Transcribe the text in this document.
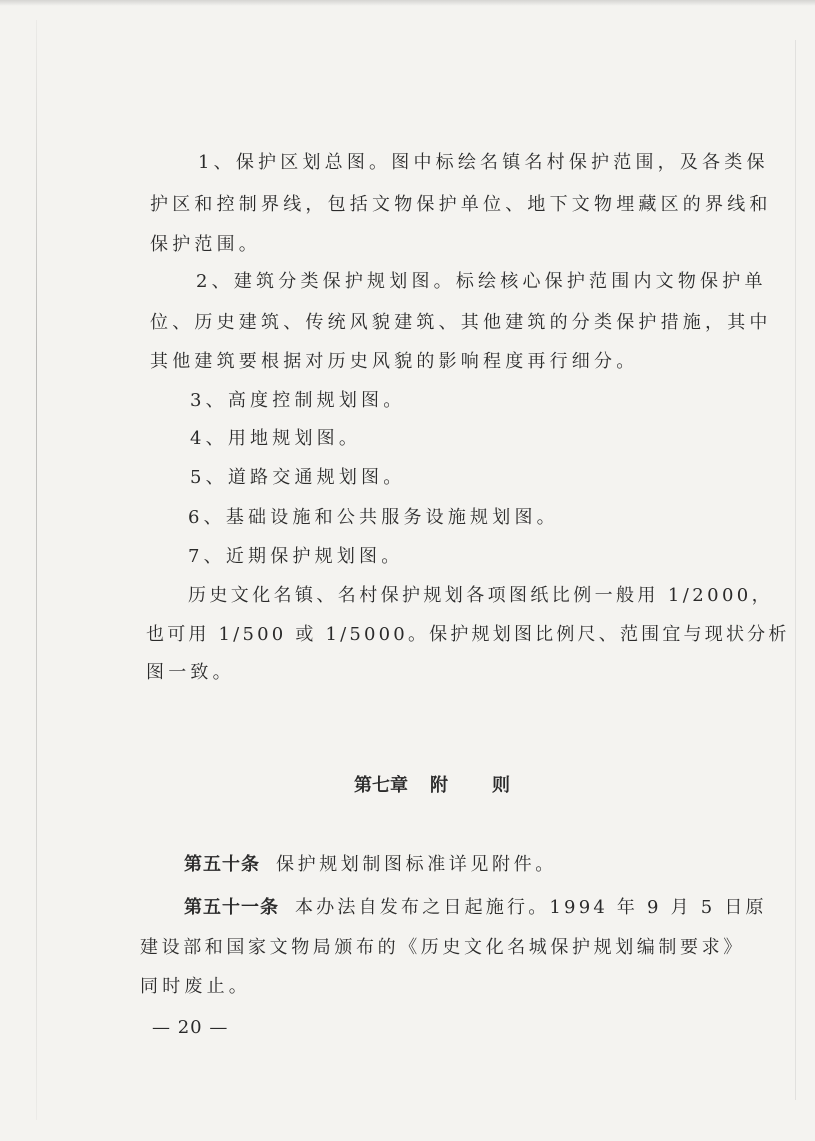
1、保护区划总图。图中标绘名镇名村保护范围，及各类保
护区和控制界线，包括文物保护单位、地下文物埋藏区的界线和
保护范围。
2、建筑分类保护规划图。标绘核心保护范围内文物保护单
位、历史建筑、传统风貌建筑、其他建筑的分类保护措施，其中
其他建筑要根据对历史风貌的影响程度再行细分。
3、高度控制规划图。
4、用地规划图。
5、道路交通规划图。
6、基础设施和公共服务设施规划图。
7、近期保护规划图。
历史文化名镇、名村保护规划各项图纸比例一般用 1/2000，
也可用 1/500 或 1/5000。保护规划图比例尺、范围宜与现状分析
图一致。
第七章 附 则
第五十条 保护规划制图标准详见附件。
第五十一条 本办法自发布之日起施行。1994 年 9 月 5 日原
建设部和国家文物局颁布的《历史文化名城保护规划编制要求》
同时废止。
— 20 —
